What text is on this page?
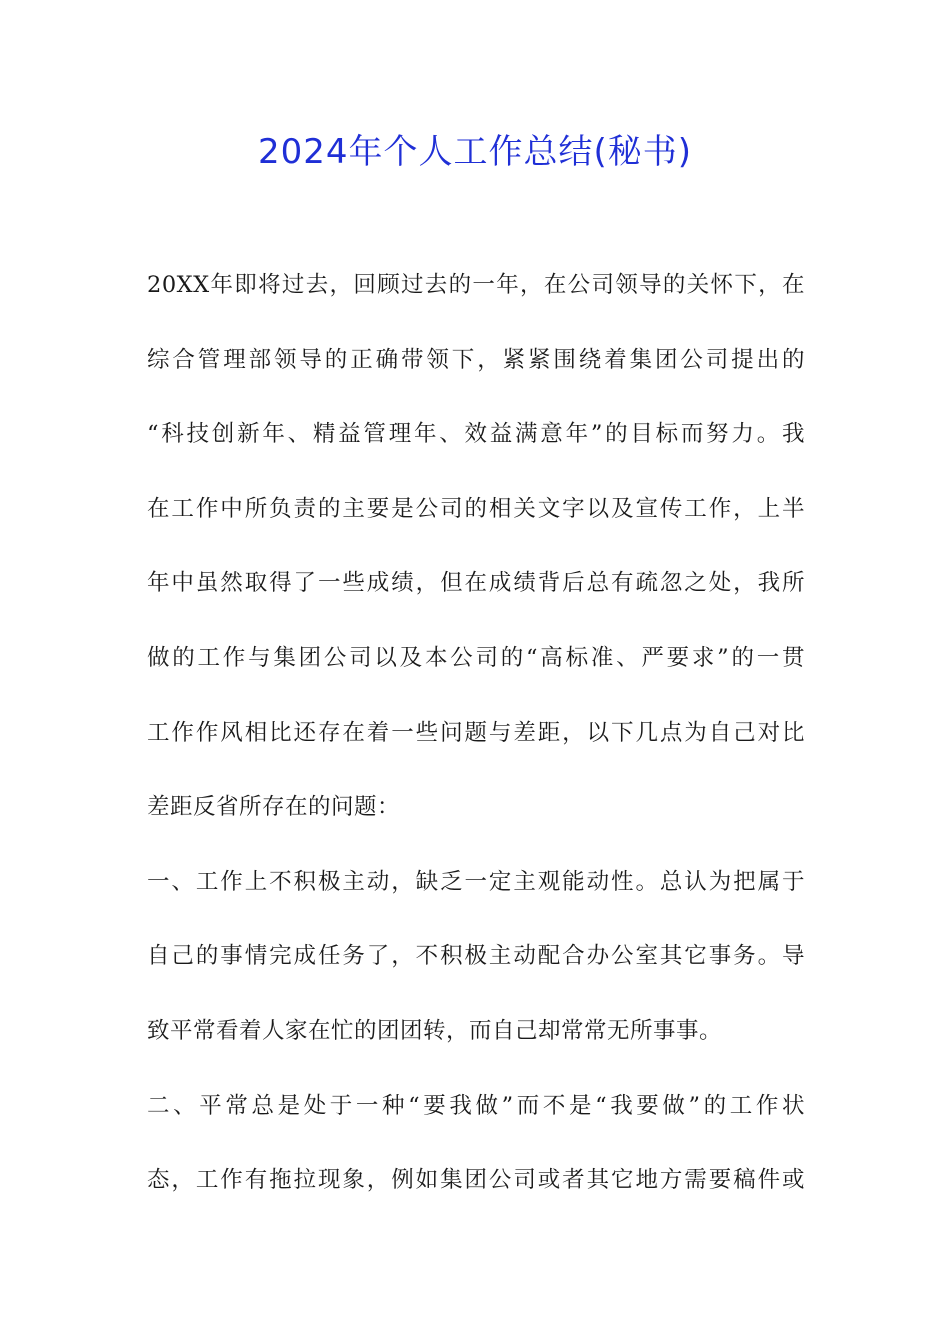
2024年个人工作总结(秘书)
20XX年即将过去，回顾过去的一年，在公司领导的关怀下，在
综合管理部领导的正确带领下，紧紧围绕着集团公司提出的
“科技创新年、精益管理年、效益满意年”的目标而努力。我
在工作中所负责的主要是公司的相关文字以及宣传工作，上半
年中虽然取得了一些成绩，但在成绩背后总有疏忽之处，我所
做的工作与集团公司以及本公司的“高标准、严要求”的一贯
工作作风相比还存在着一些问题与差距，以下几点为自己对比
差距反省所存在的问题：
一、工作上不积极主动，缺乏一定主观能动性。总认为把属于
自己的事情完成任务了，不积极主动配合办公室其它事务。导
致平常看着人家在忙的团团转，而自己却常常无所事事。
二、平常总是处于一种“要我做”而不是“我要做”的工作状
态，工作有拖拉现象，例如集团公司或者其它地方需要稿件或
